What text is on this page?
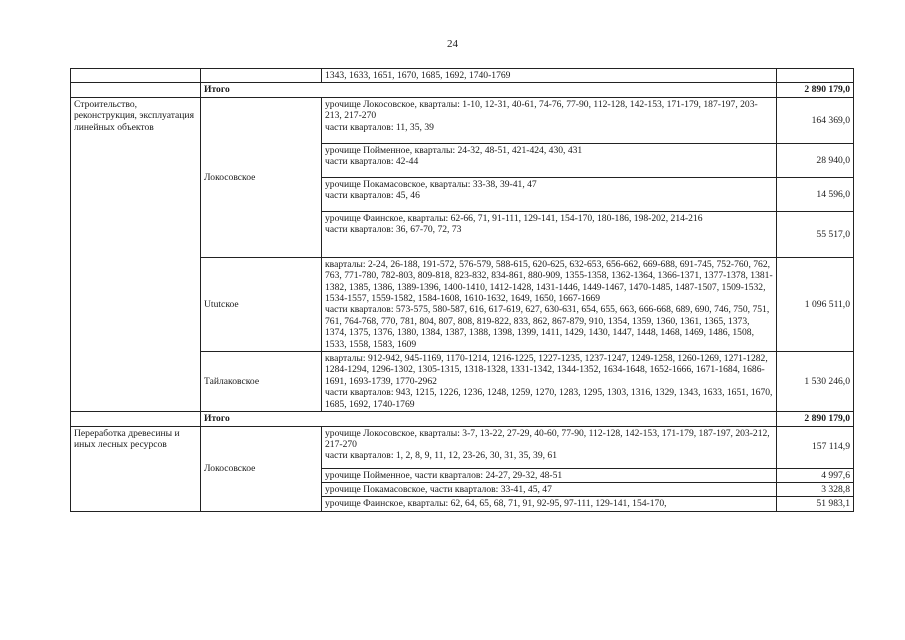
24
		1343, 1633, 1651, 1670, 1685, 1692, 1740-1769	
	Итого		2 890 179,0
Строительство, реконструкция, эксплуатация линейных объектов	Локосовское	урочище Локосовское, кварталы: 1-10, 12-31, 40-61, 74-76, 77-90, 112-128, 142-153, 171-179, 187-197, 203-213, 217-270
части кварталов: 11, 35, 39	164 369,0

		урочище Пойменное, кварталы: 24-32, 48-51, 421-424, 430, 431
части кварталов: 42-44	28 940,0

		урочище Покамасовское, кварталы: 33-38, 39-41, 47
части кварталов: 45, 46	14 596,0

		урочище Фаинское, кварталы: 62-66, 71, 91-111, 129-141, 154-170, 180-186, 198-202, 214-216
части кварталов: 36, 67-70, 72, 73	55 517,0
	Ututское	кварталы: 2-24, 26-188, 191-572, 576-579, 588-615, 620-625, 632-653, 656-662, 669-688, 691-745, 752-760, 762, 763, 771-780, 782-803, 809-818, 823-832, 834-861, 880-909, 1355-1358, 1362-1364, 1366-1371, 1377-1378, 1381-1382, 1385, 1386, 1389-1396, 1400-1410, 1412-1428, 1431-1446, 1449-1467, 1470-1485, 1487-1507, 1509-1532, 1534-1557, 1559-1582, 1584-1608, 1610-1632, 1649, 1650, 1667-1669
части кварталов: 573-575, 580-587, 616, 617-619, 627, 630-631, 654, 655, 663, 666-668, 689, 690, 746, 750, 751, 761, 764-768, 770, 781, 804, 807, 808, 819-822, 833, 862, 867-879, 910, 1354, 1359, 1360, 1361, 1365, 1373, 1374, 1375, 1376, 1380, 1384, 1387, 1388, 1398, 1399, 1411, 1429, 1430, 1447, 1448, 1468, 1469, 1486, 1508, 1533, 1558, 1583, 1609	1 096 511,0
	Тайлаковское	кварталы: 912-942, 945-1169, 1170-1214, 1216-1225, 1227-1235, 1237-1247, 1249-1258, 1260-1269, 1271-1282, 1284-1294, 1296-1302, 1305-1315, 1318-1328, 1331-1342, 1344-1352, 1634-1648, 1652-1666, 1671-1684, 1686-1691, 1693-1739, 1770-2962
части кварталов: 943, 1215, 1226, 1236, 1248, 1259, 1270, 1283, 1295, 1303, 1316, 1329, 1343, 1633, 1651, 1670, 1685, 1692, 1740-1769	1 530 246,0
	Итого		2 890 179,0
Переработка древесины и иных лесных ресурсов	Локосовское	урочище Локосовское, кварталы: 3-7, 13-22, 27-29, 40-60, 77-90, 112-128, 142-153, 171-179, 187-197, 203-212, 217-270
части кварталов: 1, 2, 8, 9, 11, 12, 23-26, 30, 31, 35, 39, 61	157 114,9
		урочище Пойменное, части кварталов: 24-27, 29-32, 48-51	4 997,6
		урочище Покамасовское, части кварталов: 33-41, 45, 47	3 328,8
		урочище Фаинское, кварталы: 62, 64, 65, 68, 71, 91, 92-95, 97-111, 129-141, 154-170,	51 983,1
